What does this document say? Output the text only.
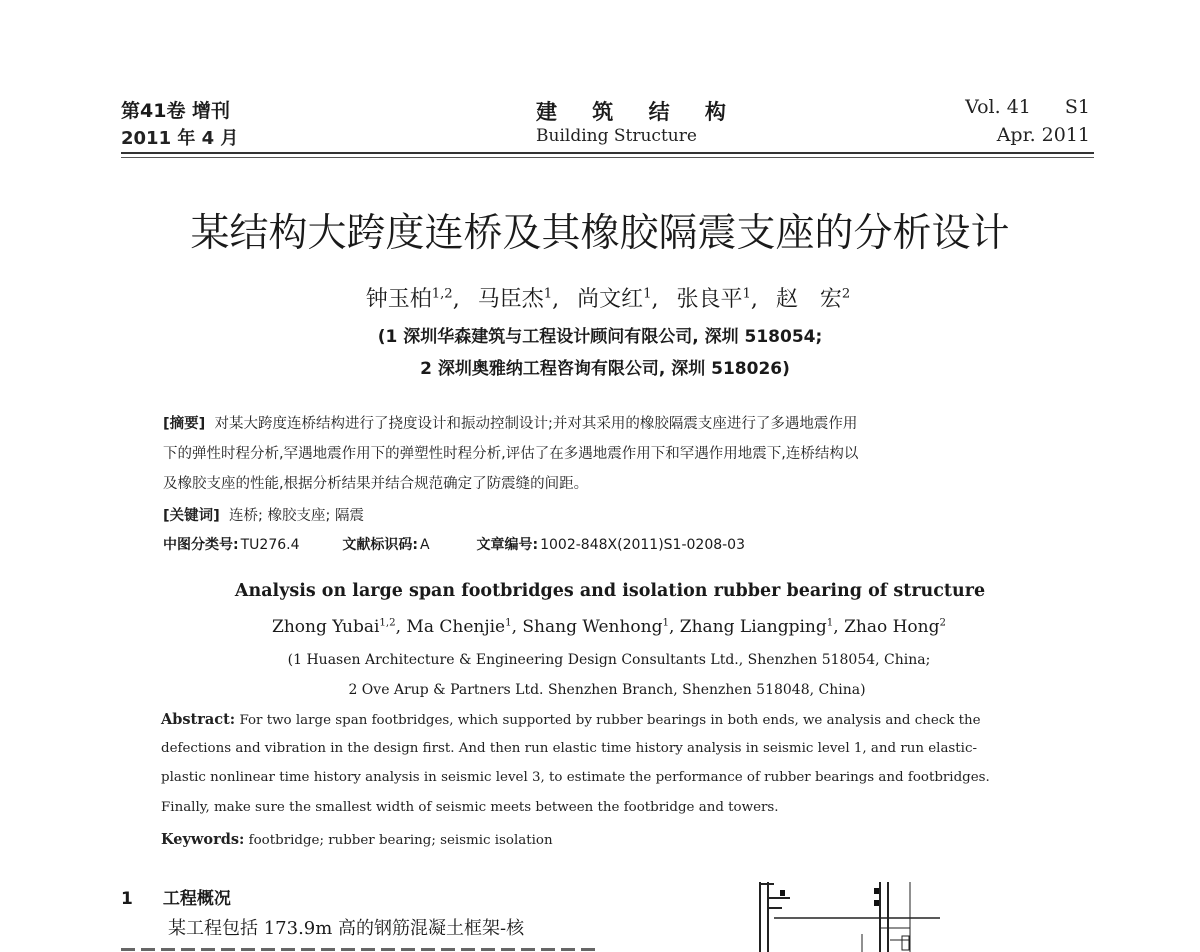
第41卷 增刊
2011 年 4 月
建 筑 结 构
Building Structure
Vol. 41 S1
Apr. 2011
某结构大跨度连桥及其橡胶隔震支座的分析设计
钟玉柏$^{1,2}$, 马臣杰$^1$, 尚文红$^1$, 张良平$^1$, 赵　宏$^2$
(1 深圳华森建筑与工程设计顾问有限公司, 深圳 518054;
2 深圳奥雅纳工程咨询有限公司, 深圳 518026)
[摘要] 对某大跨度连桥结构进行了挠度设计和振动控制设计;并对其采用的橡胶隔震支座进行了多遇地震作用
下的弹性时程分析,罕遇地震作用下的弹塑性时程分析,评估了在多遇地震作用下和罕遇作用地震下,连桥结构以
及橡胶支座的性能,根据分析结果并结合规范确定了防震缝的间距。
[关键词] 连桥; 橡胶支座; 隔震
中图分类号: TU276.4	文献标识码: A	文章编号: 1002-848X(2011)S1-0208-03
Analysis on large span footbridges and isolation rubber bearing of structure
Zhong Yubai$^{1,2}$, Ma Chenjie$^1$, Shang Wenhong$^1$, Zhang Liangping$^1$, Zhao Hong$^2$
(1 Huasen Architecture & Engineering Design Consultants Ltd., Shenzhen 518054, China;
2 Ove Arup & Partners Ltd. Shenzhen Branch, Shenzhen 518048, China)
Abstract: For two large span footbridges, which supported by rubber bearings in both ends, we analysis and check the
defections and vibration in the design first. And then run elastic time history analysis in seismic level 1, and run elastic-
plastic nonlinear time history analysis in seismic level 3, to estimate the performance of rubber bearings and footbridges.
Finally, make sure the smallest width of seismic meets between the footbridge and towers.
Keywords: footbridge; rubber bearing; seismic isolation
1 工程概况
某工程包括 173.9m 高的钢筋混凝土框架-核
